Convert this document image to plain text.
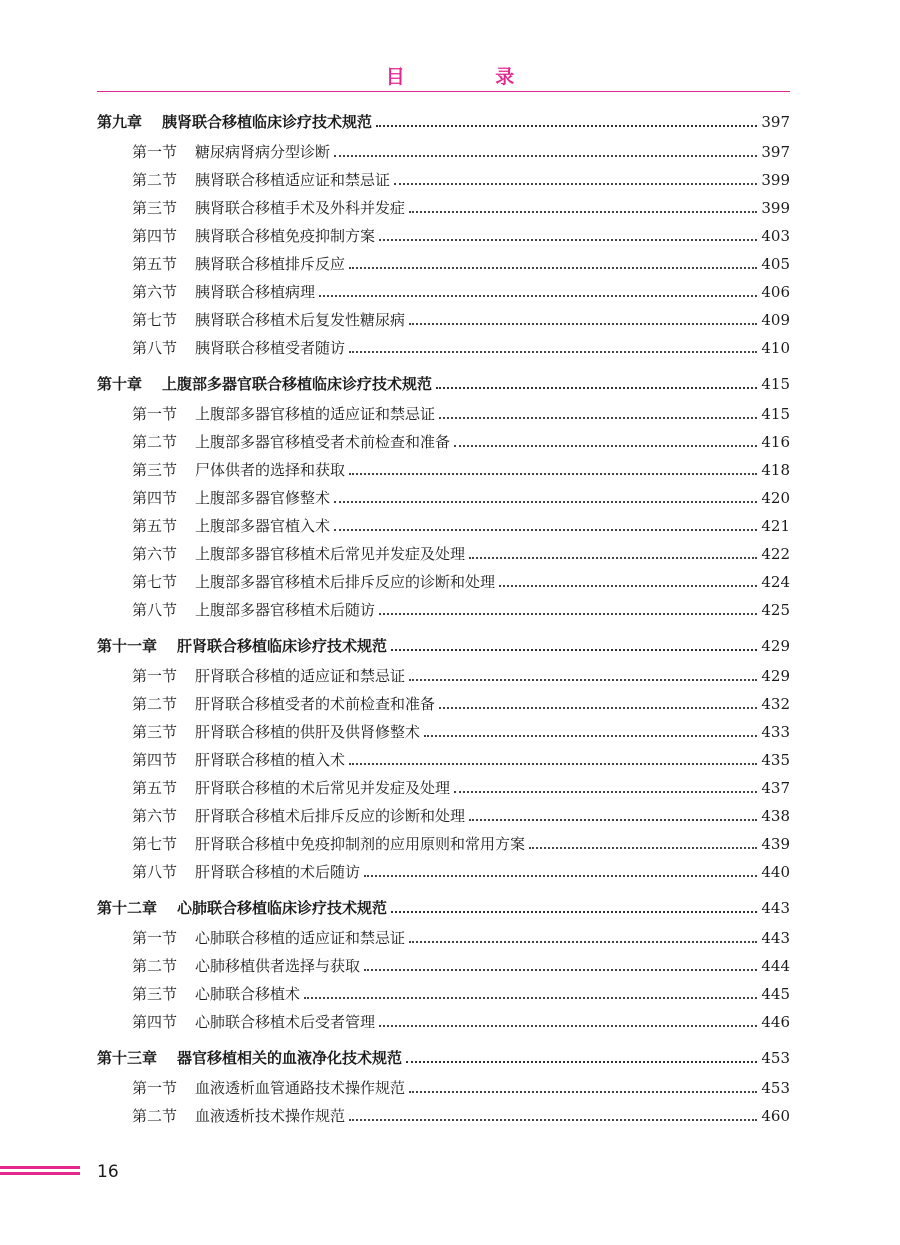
目 录
第九章 胰肾联合移植临床诊疗技术规范	397
第一节 糖尿病肾病分型诊断	397
第二节 胰肾联合移植适应证和禁忌证	399
第三节 胰肾联合移植手术及外科并发症	399
第四节 胰肾联合移植免疫抑制方案	403
第五节 胰肾联合移植排斥反应	405
第六节 胰肾联合移植病理	406
第七节 胰肾联合移植术后复发性糖尿病	409
第八节 胰肾联合移植受者随访	410
第十章 上腹部多器官联合移植临床诊疗技术规范	415
第一节 上腹部多器官移植的适应证和禁忌证	415
第二节 上腹部多器官移植受者术前检查和准备	416
第三节 尸体供者的选择和获取	418
第四节 上腹部多器官修整术	420
第五节 上腹部多器官植入术	421
第六节 上腹部多器官移植术后常见并发症及处理	422
第七节 上腹部多器官移植术后排斥反应的诊断和处理	424
第八节 上腹部多器官移植术后随访	425
第十一章 肝肾联合移植临床诊疗技术规范	429
第一节 肝肾联合移植的适应证和禁忌证	429
第二节 肝肾联合移植受者的术前检查和准备	432
第三节 肝肾联合移植的供肝及供肾修整术	433
第四节 肝肾联合移植的植入术	435
第五节 肝肾联合移植的术后常见并发症及处理	437
第六节 肝肾联合移植术后排斥反应的诊断和处理	438
第七节 肝肾联合移植中免疫抑制剂的应用原则和常用方案	439
第八节 肝肾联合移植的术后随访	440
第十二章 心肺联合移植临床诊疗技术规范	443
第一节 心肺联合移植的适应证和禁忌证	443
第二节 心肺移植供者选择与获取	444
第三节 心肺联合移植术	445
第四节 心肺联合移植术后受者管理	446
第十三章 器官移植相关的血液净化技术规范	453
第一节 血液透析血管通路技术操作规范	453
第二节 血液透析技术操作规范	460
16
